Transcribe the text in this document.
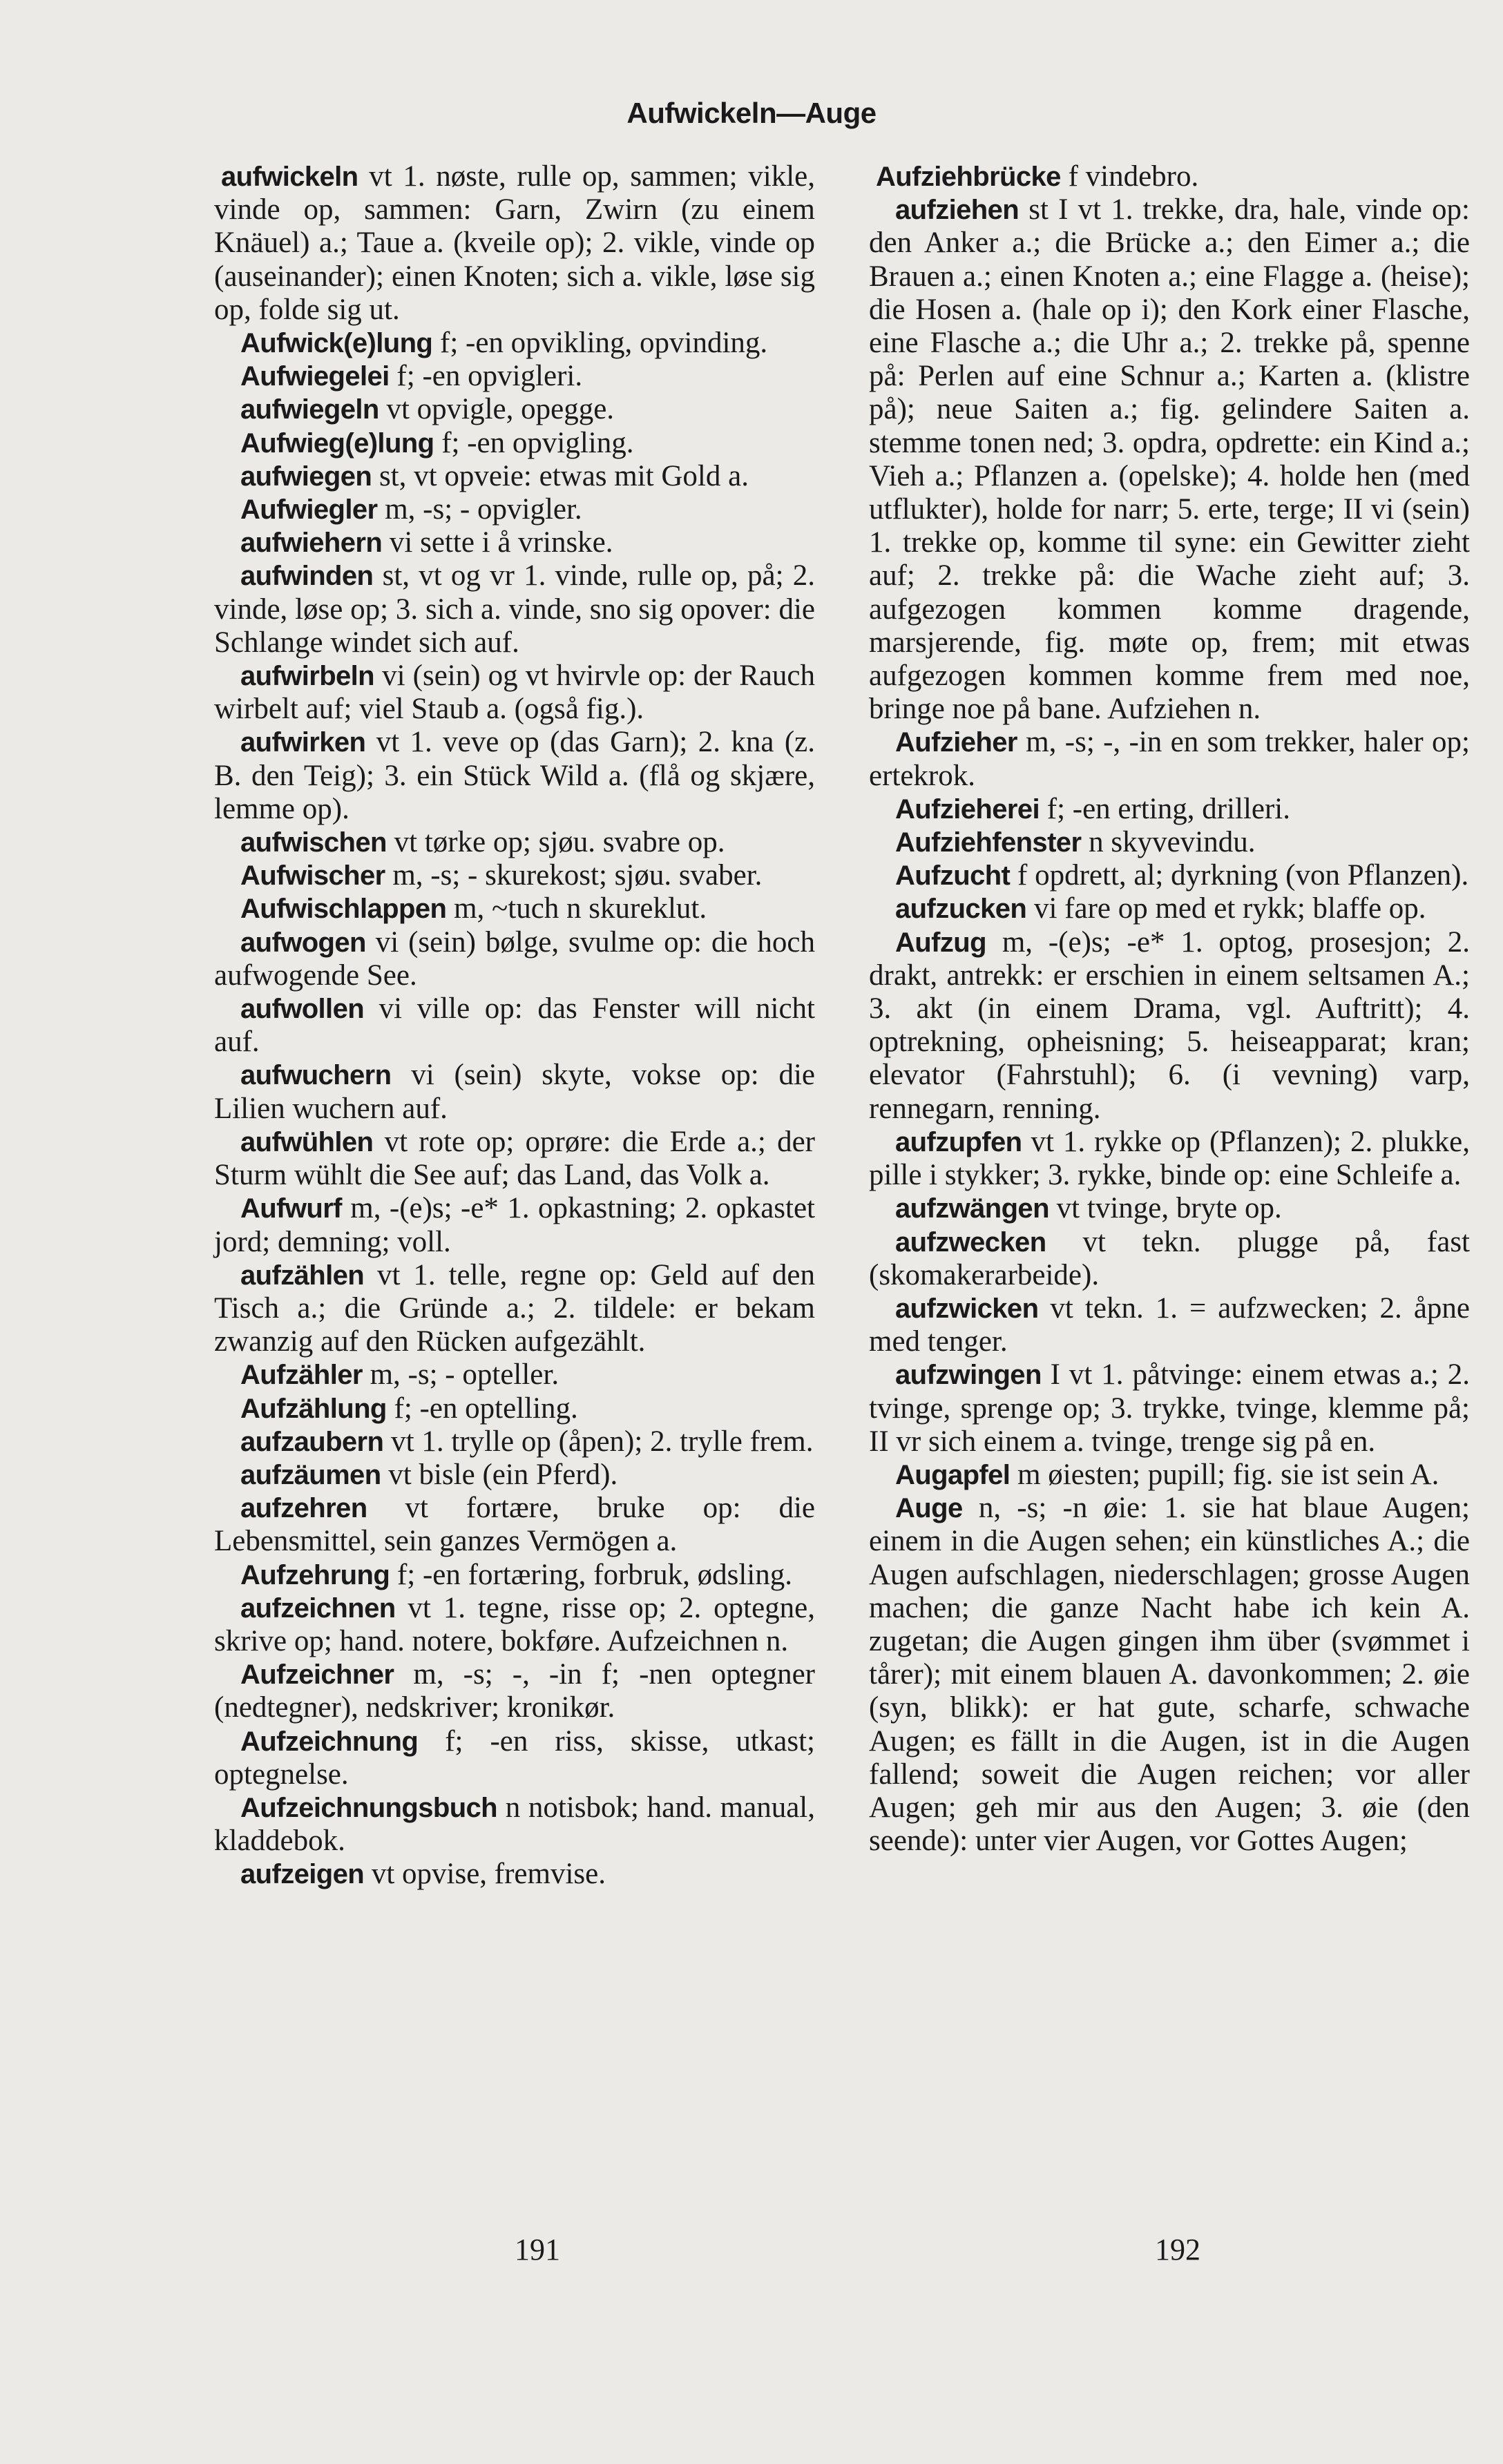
Aufwickeln—Auge

aufwickeln vt 1. nøste, rulle op, sammen; vikle, vinde op, sammen: Garn, Zwirn (zu einem Knäuel) a.; Taue a. (kveile op); 2. vikle, vinde op (auseinander); einen Knoten; sich a. vikle, løse sig op, folde sig ut.

Aufwick(e)lung f; -en opvikling, opvinding.

Aufwiegelei f; -en opvigleri.

aufwiegeln vt opvigle, opegge.

Aufwieg(e)lung f; -en opvigling.

aufwiegen st, vt opveie: etwas mit Gold a.

Aufwiegler m, -s; - opvigler.

aufwiehern vi sette i å vrinske.

aufwinden st, vt og vr 1. vinde, rulle op, på; 2. vinde, løse op; 3. sich a. vinde, sno sig opover: die Schlange windet sich auf.

aufwirbeln vi (sein) og vt hvirvle op: der Rauch wirbelt auf; viel Staub a. (også fig.).

aufwirken vt 1. veve op (das Garn); 2. kna (z. B. den Teig); 3. ein Stück Wild a. (flå og skjære, lemme op).

aufwischen vt tørke op; sjøu. svabre op.

Aufwischer m, -s; - skurekost; sjøu. svaber.

Aufwischlappen m, ~tuch n skureklut.

aufwogen vi (sein) bølge, svulme op: die hoch aufwogende See.

aufwollen vi ville op: das Fenster will nicht auf.

aufwuchern vi (sein) skyte, vokse op: die Lilien wuchern auf.

aufwühlen vt rote op; oprøre: die Erde a.; der Sturm wühlt die See auf; das Land, das Volk a.

Aufwurf m, -(e)s; -e* 1. opkastning; 2. opkastet jord; demning; voll.

aufzählen vt 1. telle, regne op: Geld auf den Tisch a.; die Gründe a.; 2. tildele: er bekam zwanzig auf den Rücken aufgezählt.

Aufzähler m, -s; - opteller.

Aufzählung f; -en optelling.

aufzaubern vt 1. trylle op (åpen); 2. trylle frem.

aufzäumen vt bisle (ein Pferd).

aufzehren vt fortære, bruke op: die Lebensmittel, sein ganzes Vermögen a.

Aufzehrung f; -en fortæring, forbruk, ødsling.

aufzeichnen vt 1. tegne, risse op; 2. optegne, skrive op; hand. notere, bokføre. Aufzeichnen n.

Aufzeichner m, -s; -, -in f; -nen optegner (nedtegner), nedskriver; kronikør.

Aufzeichnung f; -en riss, skisse, utkast; optegnelse.

Aufzeichnungsbuch n notisbok; hand. manual, kladdebok.

aufzeigen vt opvise, fremvise.

Aufziehbrücke f vindebro.

aufziehen st I vt 1. trekke, dra, hale, vinde op: den Anker a.; die Brücke a.; den Eimer a.; die Brauen a.; einen Knoten a.; eine Flagge a. (heise); die Hosen a. (hale op i); den Kork einer Flasche, eine Flasche a.; die Uhr a.; 2. trekke på, spenne på: Perlen auf eine Schnur a.; Karten a. (klistre på); neue Saiten a.; fig. gelindere Saiten a. stemme tonen ned; 3. opdra, opdrette: ein Kind a.; Vieh a.; Pflanzen a. (opelske); 4. holde hen (med utflukter), holde for narr; 5. erte, terge; II vi (sein) 1. trekke op, komme til syne: ein Gewitter zieht auf; 2. trekke på: die Wache zieht auf; 3. aufgezogen kommen komme dragende, marsjerende, fig. møte op, frem; mit etwas aufgezogen kommen komme frem med noe, bringe noe på bane. Aufziehen n.

Aufzieher m, -s; -, -in en som trekker, haler op; ertekrok.

Aufzieherei f; -en erting, drilleri.

Aufziehfenster n skyvevindu.

Aufzucht f opdrett, al; dyrkning (von Pflanzen).

aufzucken vi fare op med et rykk; blaffe op.

Aufzug m, -(e)s; -e* 1. optog, prosesjon; 2. drakt, antrekk: er erschien in einem seltsamen A.; 3. akt (in einem Drama, vgl. Auftritt); 4. optrekning, opheisning; 5. heiseapparat; kran; elevator (Fahrstuhl); 6. (i vevning) varp, rennegarn, renning.

aufzupfen vt 1. rykke op (Pflanzen); 2. plukke, pille i stykker; 3. rykke, binde op: eine Schleife a.

aufzwängen vt tvinge, bryte op.

aufzwecken vt tekn. plugge på, fast (skomakerarbeide).

aufzwicken vt tekn. 1. = aufzwecken; 2. åpne med tenger.

aufzwingen I vt 1. påtvinge: einem etwas a.; 2. tvinge, sprenge op; 3. trykke, tvinge, klemme på; II vr sich einem a. tvinge, trenge sig på en.

Augapfel m øiesten; pupill; fig. sie ist sein A.

Auge n, -s; -n øie: 1. sie hat blaue Augen; einem in die Augen sehen; ein künstliches A.; die Augen aufschlagen, niederschlagen; grosse Augen machen; die ganze Nacht habe ich kein A. zugetan; die Augen gingen ihm über (svømmet i tårer); mit einem blauen A. davonkommen; 2. øie (syn, blikk): er hat gute, scharfe, schwache Augen; es fällt in die Augen, ist in die Augen fallend; soweit die Augen reichen; vor aller Augen; geh mir aus den Augen; 3. øie (den seende): unter vier Augen, vor Gottes Augen;

191	192
